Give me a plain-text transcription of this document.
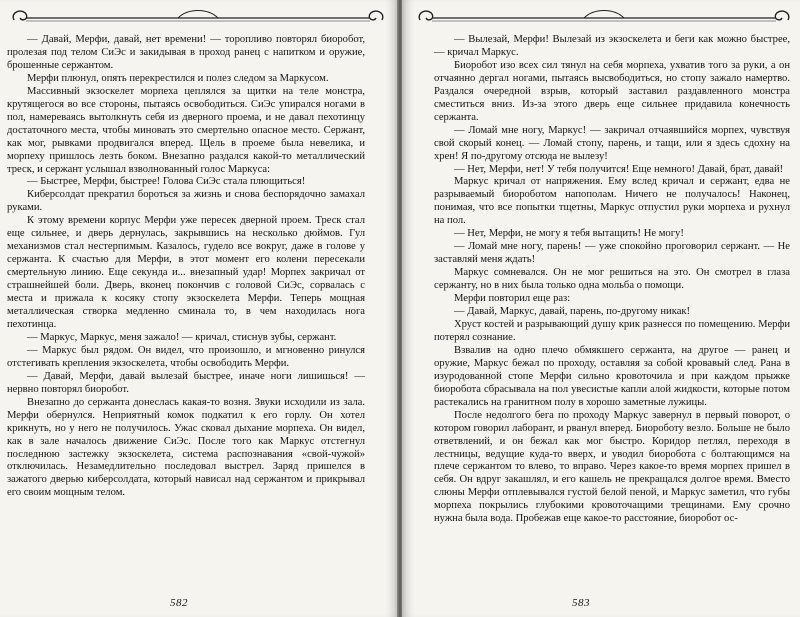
— Давай, Мерфи, давай, нет времени! — торопливо повторял биоробот, пролезая под телом СиЭс и закидывая в проход ранец с напитком и оружие, брошенные сержантом.

Мерфи плюнул, опять перекрестился и полез следом за Маркусом.

Массивный экзоскелет морпеха цеплялся за щитки на теле монстра, крутящегося во все стороны, пытаясь освободиться. СиЭс упирался ногами в пол, намереваясь вытолкнуть себя из дверного проема, и не давал пехотинцу достаточного места, чтобы миновать это смертельно опасное место. Сержант, как мог, рывками продвигался вперед. Щель в проеме была невелика, и морпеху пришлось лезть боком. Внезапно раздался какой-то металлический треск, и сержант услышал взволнованный голос Маркуса:

— Быстрее, Мерфи, быстрее! Голова СиЭс стала плющиться!

Киберсолдат прекратил бороться за жизнь и снова беспорядочно замахал руками.

К этому времени корпус Мерфи уже пересек дверной проем. Треск стал еще сильнее, и дверь дернулась, закрывшись на несколько дюймов. Гул механизмов стал нестерпимым. Казалось, гудело все вокруг, даже в голове у сержанта. К счастью для Мерфи, в этот момент его колени пересекали смертельную линию. Еще секунда и... внезапный удар! Морпех закричал от страшнейшей боли. Дверь, вконец покончив с головой СиЭс, сорвалась с места и прижала к косяку стопу экзоскелета Мерфи. Теперь мощная металлическая створка медленно сминала то, в чем находилась нога пехотинца.

— Маркус, Маркус, меня зажало! — кричал, стиснув зубы, сержант.

— Маркус был рядом. Он видел, что произошло, и мгновенно ринулся отстегивать крепления экзоскелета, чтобы освободить Мерфи.

— Давай, Мерфи, давай вылезай быстрее, иначе ноги лишишься! — нервно повторял биоробот.

Внезапно до сержанта донеслась какая-то возня. Звуки исходили из зала. Мерфи обернулся. Неприятный комок подкатил к его горлу. Он хотел крикнуть, но у него не получилось. Ужас сковал дыхание морпеха. Он видел, как в зале началось движение СиЭс. После того как Маркус отстегнул последнюю застежку экзоскелета, система распознавания «свой-чужой» отключилась. Незамедлительно последовал выстрел. Заряд пришелся в зажатого дверью киберсолдата, который нависал над сержантом и прикрывал его своим мощным телом.

582

— Вылезай, Мерфи! Вылезай из экзоскелета и беги как можно быстрее, — кричал Маркус.

Биоробот изо всех сил тянул на себя морпеха, ухватив того за руки, а он отчаянно дергал ногами, пытаясь высвободиться, но стопу зажало намертво. Раздался очередной взрыв, который заставил раздавленного монстра сместиться вниз. Из-за этого дверь еще сильнее придавила конечность сержанта.

— Ломай мне ногу, Маркус! — закричал отчаявшийся морпех, чувствуя свой скорый конец. — Ломай стопу, парень, и тащи, или я здесь сдохну на хрен! Я по-другому отсюда не вылезу!

— Нет, Мерфи, нет! У тебя получится! Еще немного! Давай, брат, давай!

Маркус кричал от напряжения. Ему вслед кричал и сержант, едва не разрываемый биороботом напополам. Ничего не получалось! Наконец, понимая, что все попытки тщетны, Маркус отпустил руки морпеха и рухнул на пол.

— Нет, Мерфи, не могу я тебя вытащить! Не могу!

— Ломай мне ногу, парень! — уже спокойно проговорил сержант. — Не заставляй меня ждать!

Маркус сомневался. Он не мог решиться на это. Он смотрел в глаза сержанту, но в них была только одна мольба о помощи.

Мерфи повторил еще раз:

— Давай, Маркус, давай, парень, по-другому никак!

Хруст костей и разрывающий душу крик разнесся по помещению. Мерфи потерял сознание.

Взвалив на одно плечо обмякшего сержанта, на другое — ранец и оружие, Маркус бежал по проходу, оставляя за собой кровавый след. Рана в изуродованной стопе Мерфи сильно кровоточила и при каждом прыжке биоробота сбрасывала на пол увесистые капли алой жидкости, которые потом растекались на гранитном полу в хорошо заметные лужицы.

После недолгого бега по проходу Маркус завернул в первый поворот, о котором говорил лаборант, и рванул вперед. Биороботу везло. Больше не было ответвлений, и он бежал как мог быстро. Коридор петлял, переходя в лестницы, ведущие куда-то вверх, и уводил биоробота с болтающимся на плече сержантом то влево, то вправо. Через какое-то время морпех пришел в себя. Он вдруг закашлял, и его кашель не прекращался долгое время. Вместо слюны Мерфи отплевывался густой белой пеной, и Маркус заметил, что губы морпеха покрылись глубокими кровоточащими трещинами. Ему срочно нужна была вода. Пробежав еще какое-то расстояние, биоробот ос-

583
